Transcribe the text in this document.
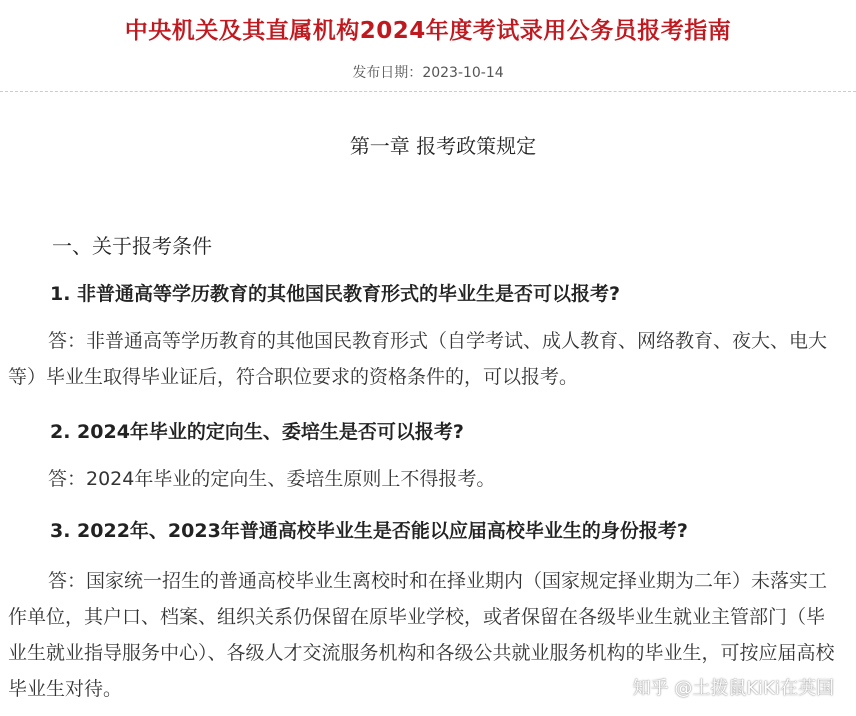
中央机关及其直属机构2024年度考试录用公务员报考指南
发布日期：2023-10-14
第一章 报考政策规定
一、关于报考条件
1. 非普通高等学历教育的其他国民教育形式的毕业生是否可以报考?
答：非普通高等学历教育的其他国民教育形式（自学考试、成人教育、网络教育、夜大、电大等）毕业生取得毕业证后，符合职位要求的资格条件的，可以报考。
2. 2024年毕业的定向生、委培生是否可以报考?
答：2024年毕业的定向生、委培生原则上不得报考。
3. 2022年、2023年普通高校毕业生是否能以应届高校毕业生的身份报考?
答：国家统一招生的普通高校毕业生离校时和在择业期内（国家规定择业期为二年）未落实工作单位，其户口、档案、组织关系仍保留在原毕业学校，或者保留在各级毕业生就业主管部门（毕业生就业指导服务中心）、各级人才交流服务机构和各级公共就业服务机构的毕业生，可按应届高校毕业生对待。	知乎 @土拨鼠KiKi在英国
